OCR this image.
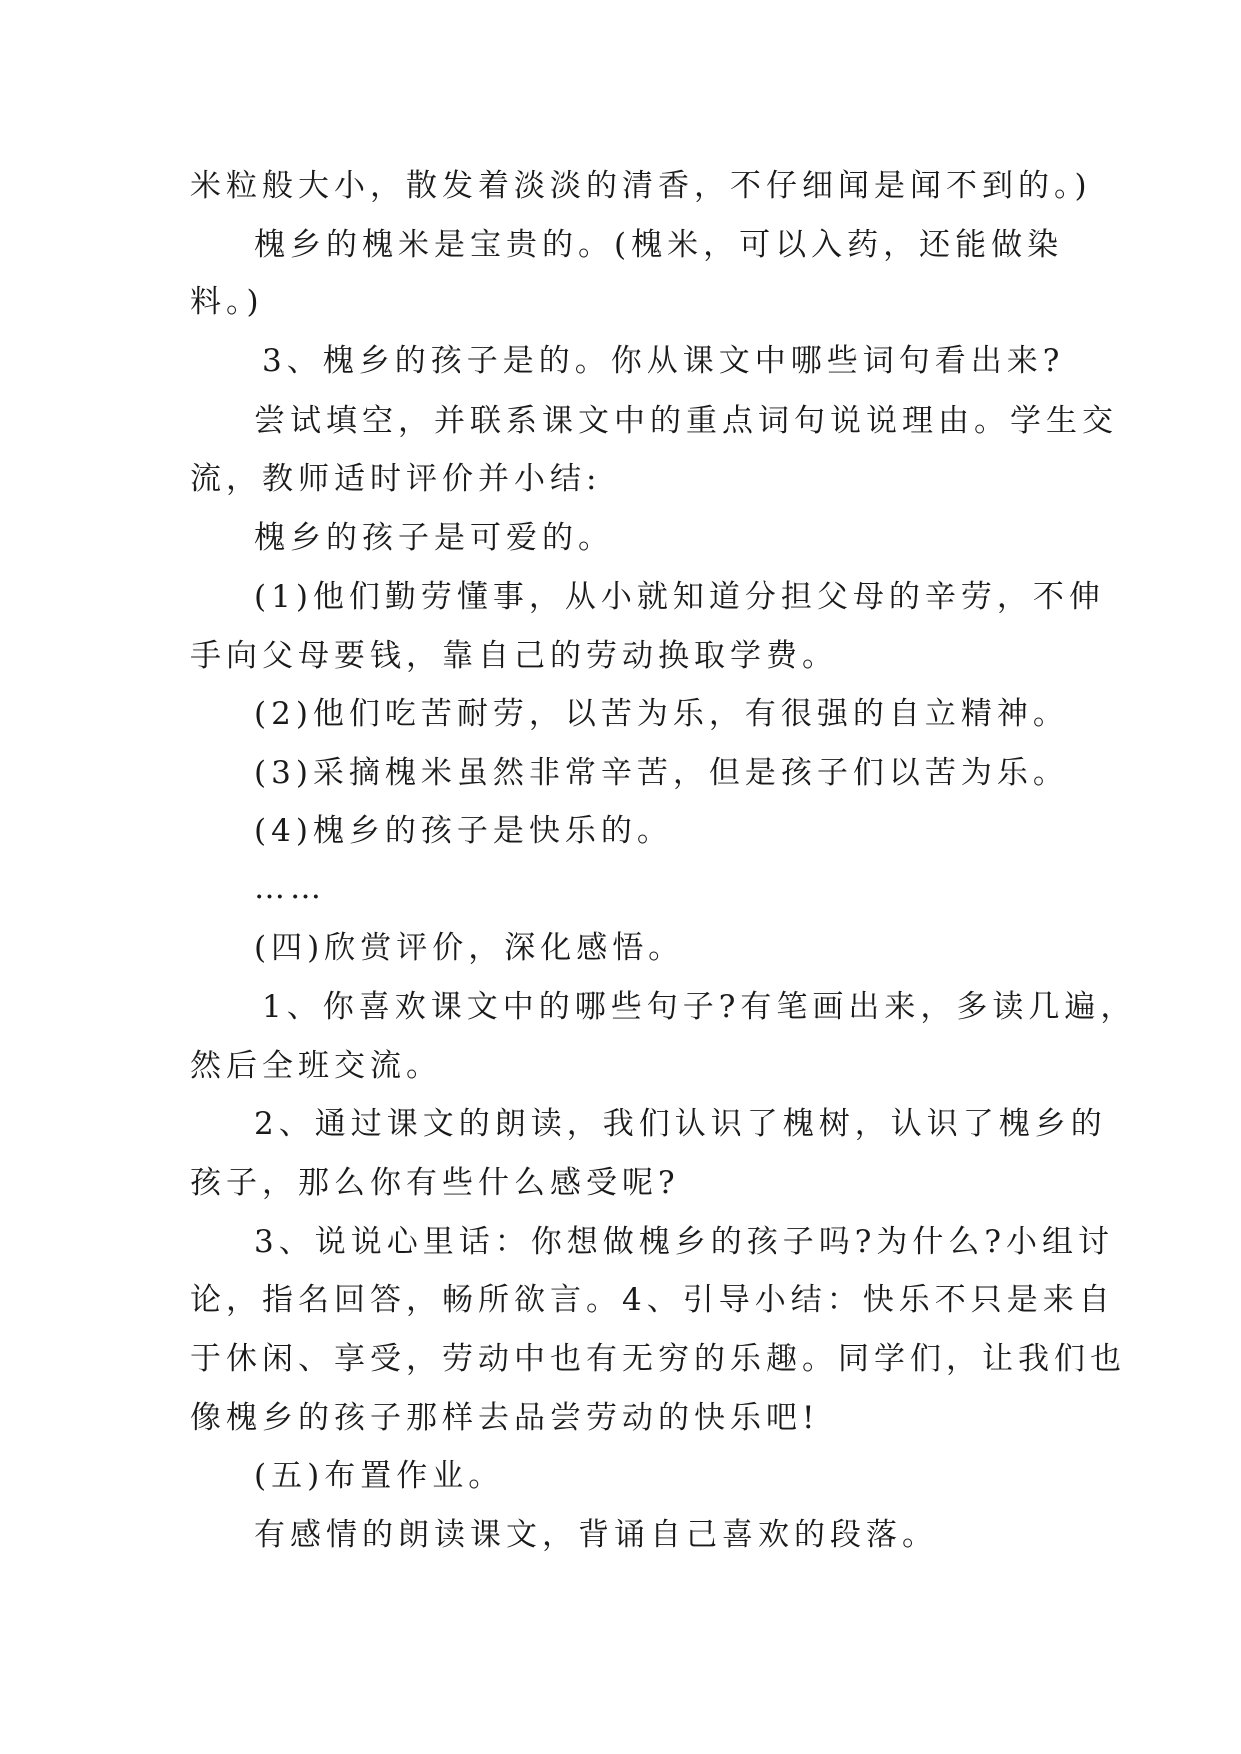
米粒般大小，散发着淡淡的清香，不仔细闻是闻不到的。)
槐乡的槐米是宝贵的。(槐米，可以入药，还能做染
料。)
3、槐乡的孩子是的。你从课文中哪些词句看出来?
尝试填空，并联系课文中的重点词句说说理由。学生交
流，教师适时评价并小结:
槐乡的孩子是可爱的。
(1)他们勤劳懂事，从小就知道分担父母的辛劳，不伸
手向父母要钱，靠自己的劳动换取学费。
(2)他们吃苦耐劳，以苦为乐，有很强的自立精神。
(3)采摘槐米虽然非常辛苦，但是孩子们以苦为乐。
(4)槐乡的孩子是快乐的。
……
(四)欣赏评价，深化感悟。
1、你喜欢课文中的哪些句子?有笔画出来，多读几遍，
然后全班交流。
2、通过课文的朗读，我们认识了槐树，认识了槐乡的
孩子，那么你有些什么感受呢?
3、说说心里话：你想做槐乡的孩子吗?为什么?小组讨
论，指名回答，畅所欲言。4、引导小结：快乐不只是来自
于休闲、享受，劳动中也有无穷的乐趣。同学们，让我们也
像槐乡的孩子那样去品尝劳动的快乐吧!
(五)布置作业。
有感情的朗读课文，背诵自己喜欢的段落。
